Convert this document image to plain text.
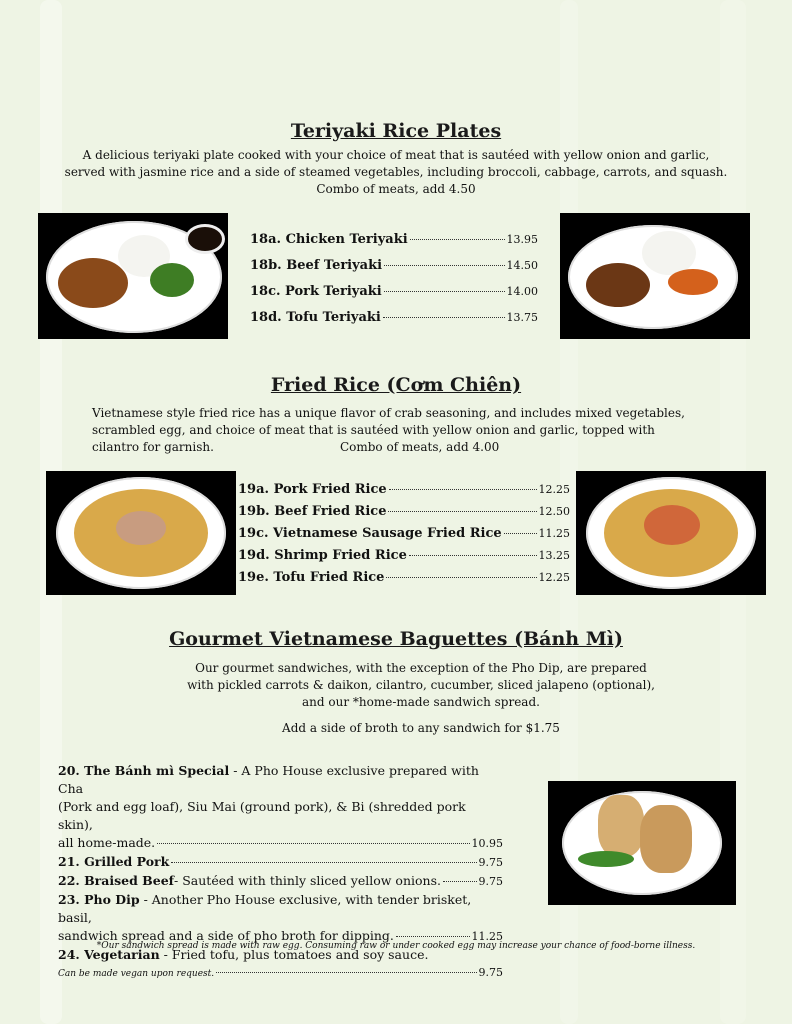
Teriyaki Rice Plates
A delicious teriyaki plate cooked with your choice of meat that is sautéed with yellow onion and garlic,
served with jasmine rice and a side of steamed vegetables, including broccoli, cabbage, carrots, and squash.
Combo of meats, add 4.50
18a. Chicken Teriyaki	13.95
18b. Beef Teriyaki	14.50
18c. Pork Teriyaki	14.00
18d. Tofu Teriyaki	13.75
Fried Rice (Cơm Chiên)
Vietnamese style fried rice has a unique flavor of crab seasoning, and includes mixed vegetables,
scrambled egg, and choice of meat that is sautéed with yellow onion and garlic, topped with
cilantro for garnish.	Combo of meats, add 4.00
19a. Pork Fried Rice	12.25
19b. Beef Fried Rice	12.50
19c. Vietnamese Sausage Fried Rice	11.25
19d. Shrimp Fried Rice	13.25
19e. Tofu Fried Rice	12.25
Gourmet Vietnamese Baguettes (Bánh Mì)
Our gourmet sandwiches, with the exception of the Pho Dip, are prepared
with pickled carrots & daikon, cilantro, cucumber, sliced jalapeno (optional),
and our *home-made sandwich spread.
Add a side of broth to any sandwich for $1.75
20. The Bánh mì Special - A Pho House exclusive prepared with Cha
(Pork and egg loaf), Siu Mai (ground pork), & Bi (shredded pork skin),
all home-made.	10.95
21. Grilled Pork	9.75
22. Braised Beef - Sautéed with thinly sliced yellow onions.	9.75
23. Pho Dip - Another Pho House exclusive, with tender brisket, basil,
sandwich spread and a side of pho broth for dipping.	11.25
24. Vegetarian - Fried tofu, plus tomatoes and soy sauce.
Can be made vegan upon request.	9.75
*Our sandwich spread is made with raw egg. Consuming raw or under cooked egg may increase your chance of food-borne illness.
